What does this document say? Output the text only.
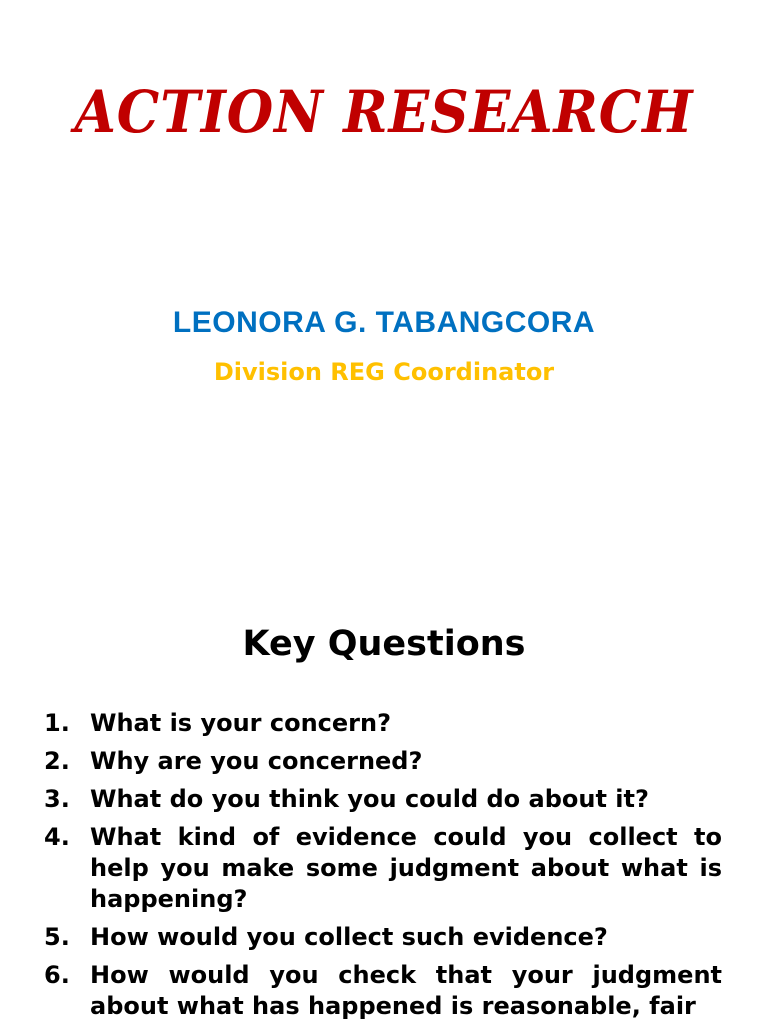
ACTION RESEARCH
LEONORA G. TABANGCORA
Division REG Coordinator
Key Questions
1. What is your concern?
2. Why are you concerned?
3. What do you think you could do about it?
4. What kind of evidence could you collect to help you make some judgment about what is happening?
5. How would you collect such evidence?
6. How would you check that your judgment about what has happened is reasonable, fair
